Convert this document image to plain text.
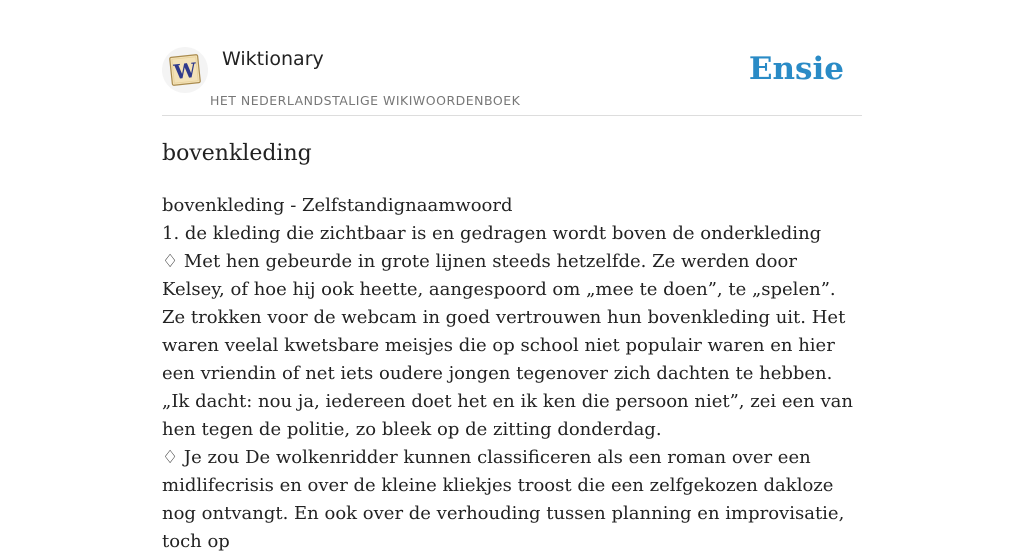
W Wiktionary
HET NEDERLANDSTALIGE WIKIWOORDENBOEK
Ensie
bovenkleding

bovenkleding - Zelfstandignaamwoord

1. de kleding die zichtbaar is en gedragen wordt boven de onderkleding

♢ Met hen gebeurde in grote lijnen steeds hetzelfde. Ze werden door Kelsey, of hoe hij ook heette, aangespoord om „mee te doen”, te „spelen”. Ze trokken voor de webcam in goed vertrouwen hun bovenkleding uit. Het waren veelal kwetsbare meisjes die op school niet populair waren en hier een vriendin of net iets oudere jongen tegenover zich dachten te hebben. „Ik dacht: nou ja, iedereen doet het en ik ken die persoon niet”, zei een van hen tegen de politie, zo bleek op de zitting donderdag.

♢ Je zou De wolkenridder kunnen classificeren als een roman over een midlifecrisis en over de kleine kliekjes troost die een zelfgekozen dakloze nog ontvangt. En ook over de verhouding tussen planning en improvisatie, toch op
